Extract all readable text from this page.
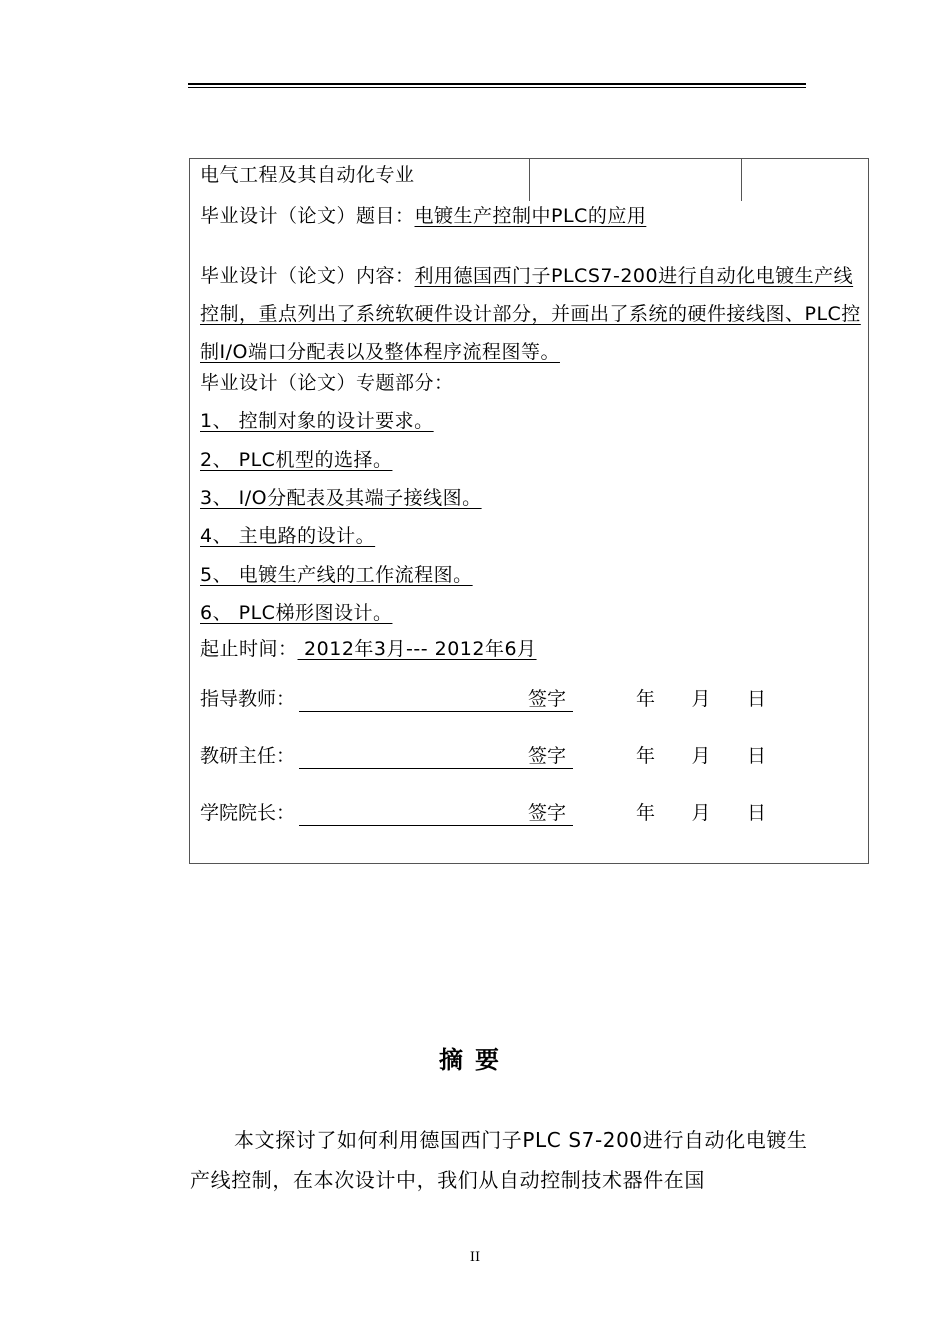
电气工程及其自动化专业
毕业设计（论文）题目：电镀生产控制中PLC的应用
毕业设计（论文）内容：利用德国西门子PLCS7-200进行自动化电镀生产线控制，重点列出了系统软硬件设计部分，并画出了系统的硬件接线图、PLC控制I/O端口分配表以及整体程序流程图等。
毕业设计（论文）专题部分：
1、 控制对象的设计要求。
2、 PLC机型的选择。
3、 I/O分配表及其端子接线图。
4、 主电路的设计。
5、 电镀生产线的工作流程图。
6、 PLC梯形图设计。
起止时间： 2012年3月--- 2012年6月
指导教师：	签字	年 月 日
教研主任：	签字	年 月 日
学院院长：	签字	年 月 日
摘要
本文探讨了如何利用德国西门子PLC S7-200进行自动化电镀生产线控制，在本次设计中，我们从自动控制技术器件在国
II
